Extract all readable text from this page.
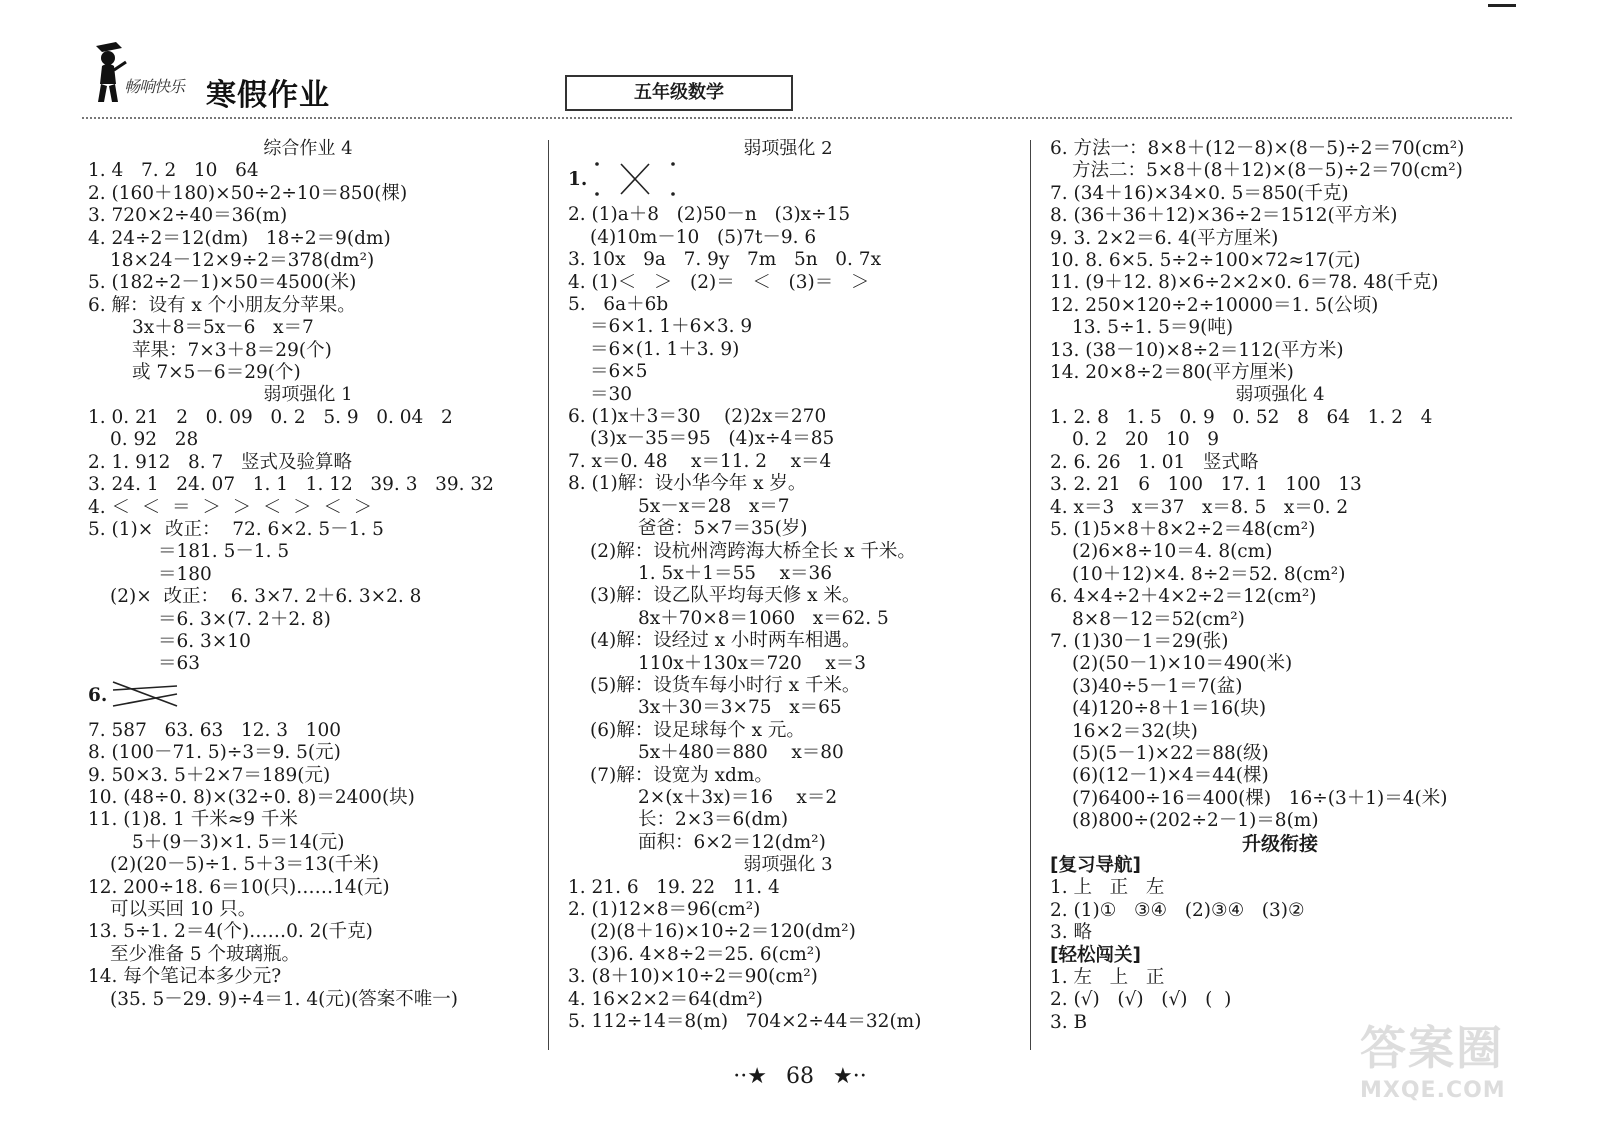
畅响快乐 寒假作业	五年级数学
综合作业 4
1. 4   7. 2   10   64
2. (160＋180)×50÷2÷10＝850(棵)
3. 720×2÷40＝36(m)
4. 24÷2＝12(dm)   18÷2＝9(dm)
18×24－12×9÷2＝378(dm²)
5. (182÷2－1)×50＝4500(米)
6. 解：设有 x 个小朋友分苹果。
3x＋8＝5x－6   x＝7
苹果：7×3＋8＝29(个)
或 7×5－6＝29(个)
弱项强化 1
1. 0. 21   2   0. 09   0. 2   5. 9   0. 04   2
0. 92   28
2. 1. 912   8. 7   竖式及验算略
3. 24. 1   24. 07   1. 1   1. 12   39. 3   39. 32
4. ＜  ＜  ＝  ＞  ＞  ＜  ＞  ＜  ＞
5. (1)×  改正：  72. 6×2. 5－1. 5
＝181. 5－1. 5
＝180
(2)×  改正：  6. 3×7. 2＋6. 3×2. 8
＝6. 3×(7. 2＋2. 8)
＝6. 3×10
＝63
6.
7. 587   63. 63   12. 3   100
8. (100－71. 5)÷3＝9. 5(元)
9. 50×3. 5＋2×7＝189(元)
10. (48÷0. 8)×(32÷0. 8)＝2400(块)
11. (1)8. 1 千米≈9 千米
5＋(9－3)×1. 5＝14(元)
(2)(20－5)÷1. 5＋3＝13(千米)
12. 200÷18. 6＝10(只)……14(元)
可以买回 10 只。
13. 5÷1. 2＝4(个)……0. 2(千克)
至少准备 5 个玻璃瓶。
14. 每个笔记本多少元?
(35. 5－29. 9)÷4＝1. 4(元)(答案不唯一)
弱项强化 2
1.
2. (1)a＋8   (2)50－n   (3)x÷15
(4)10m－10   (5)7t－9. 6
3. 10x   9a   7. 9y   7m   5n   0. 7x
4. (1)＜   ＞   (2)＝   ＜   (3)＝   ＞
5.   6a＋6b
＝6×1. 1＋6×3. 9
＝6×(1. 1＋3. 9)
＝6×5
＝30
6. (1)x＋3＝30    (2)2x＝270
(3)x－35＝95   (4)x÷4＝85
7. x＝0. 48    x＝11. 2    x＝4
8. (1)解：设小华今年 x 岁。
5x－x＝28   x＝7
爸爸：5×7＝35(岁)
(2)解：设杭州湾跨海大桥全长 x 千米。
1. 5x＋1＝55    x＝36
(3)解：设乙队平均每天修 x 米。
8x＋70×8＝1060   x＝62. 5
(4)解：设经过 x 小时两车相遇。
110x＋130x＝720    x＝3
(5)解：设货车每小时行 x 千米。
3x＋30＝3×75   x＝65
(6)解：设足球每个 x 元。
5x＋480＝880    x＝80
(7)解：设宽为 xdm。
2×(x＋3x)＝16    x＝2
长：2×3＝6(dm)
面积：6×2＝12(dm²)
弱项强化 3
1. 21. 6   19. 22   11. 4
2. (1)12×8＝96(cm²)
(2)(8＋16)×10÷2＝120(dm²)
(3)6. 4×8÷2＝25. 6(cm²)
3. (8＋10)×10÷2＝90(cm²)
4. 16×2×2＝64(dm²)
5. 112÷14＝8(m)   704×2÷44＝32(m)
6. 方法一：8×8＋(12－8)×(8－5)÷2＝70(cm²)
方法二：5×8＋(8＋12)×(8－5)÷2＝70(cm²)
7. (34＋16)×34×0. 5＝850(千克)
8. (36＋36＋12)×36÷2＝1512(平方米)
9. 3. 2×2＝6. 4(平方厘米)
10. 8. 6×5. 5÷2÷100×72≈17(元)
11. (9＋12. 8)×6÷2×2×0. 6＝78. 48(千克)
12. 250×120÷2÷10000＝1. 5(公顷)
13. 5÷1. 5＝9(吨)
13. (38－10)×8÷2＝112(平方米)
14. 20×8÷2＝80(平方厘米)
弱项强化 4
1. 2. 8   1. 5   0. 9   0. 52   8   64   1. 2   4
0. 2   20   10   9
2. 6. 26   1. 01   竖式略
3. 2. 21   6   100   17. 1   100   13
4. x＝3   x＝37   x＝8. 5   x＝0. 2
5. (1)5×8＋8×2÷2＝48(cm²)
(2)6×8÷10＝4. 8(cm)
(10＋12)×4. 8÷2＝52. 8(cm²)
6. 4×4÷2＋4×2÷2＝12(cm²)
8×8－12＝52(cm²)
7. (1)30－1＝29(张)
(2)(50－1)×10＝490(米)
(3)40÷5－1＝7(盆)
(4)120÷8＋1＝16(块)
16×2＝32(块)
(5)(5－1)×22＝88(级)
(6)(12－1)×4＝44(棵)
(7)6400÷16＝400(棵)   16÷(3＋1)＝4(米)
(8)800÷(202÷2－1)＝8(m)
升级衔接
[复习导航]
1. 上   正   左
2. (1)①   ③④   (2)③④   (3)②
3. 略
[轻松闯关]
1. 左   上   正
2. (√)   (√)   (√)   (  )
3. B
··★ 68 ★··
答案圈
MXQE.COM
